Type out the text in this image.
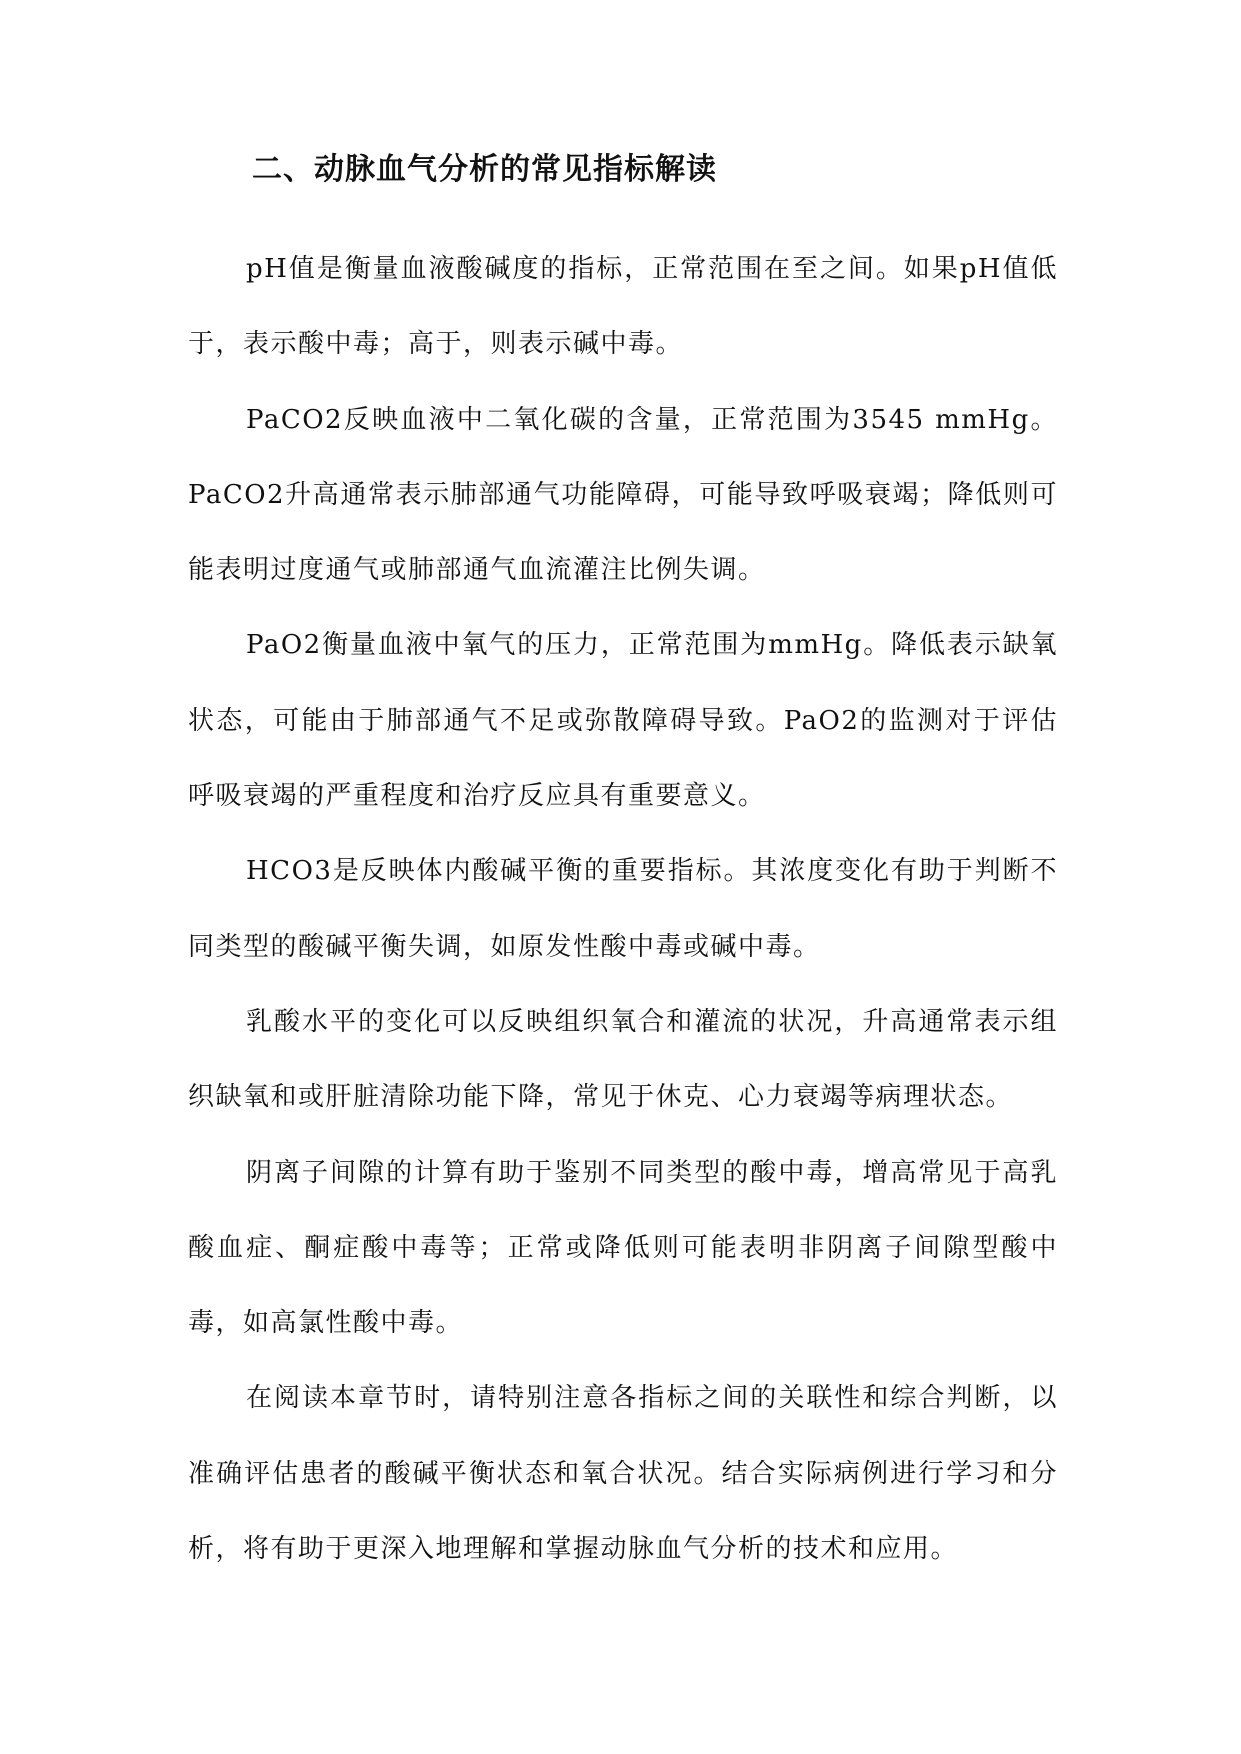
二、动脉血气分析的常见指标解读

pH值是衡量血液酸碱度的指标，正常范围在至之间。如果pH值低于，表示酸中毒；高于，则表示碱中毒。

PaCO2反映血液中二氧化碳的含量，正常范围为3545 mmHg。PaCO2升高通常表示肺部通气功能障碍，可能导致呼吸衰竭；降低则可能表明过度通气或肺部通气血流灌注比例失调。

PaO2衡量血液中氧气的压力，正常范围为mmHg。降低表示缺氧状态，可能由于肺部通气不足或弥散障碍导致。PaO2的监测对于评估呼吸衰竭的严重程度和治疗反应具有重要意义。

HCO3是反映体内酸碱平衡的重要指标。其浓度变化有助于判断不同类型的酸碱平衡失调，如原发性酸中毒或碱中毒。

乳酸水平的变化可以反映组织氧合和灌流的状况，升高通常表示组织缺氧和或肝脏清除功能下降，常见于休克、心力衰竭等病理状态。

阴离子间隙的计算有助于鉴别不同类型的酸中毒，增高常见于高乳酸血症、酮症酸中毒等；正常或降低则可能表明非阴离子间隙型酸中毒，如高氯性酸中毒。

在阅读本章节时，请特别注意各指标之间的关联性和综合判断，以准确评估患者的酸碱平衡状态和氧合状况。结合实际病例进行学习和分析，将有助于更深入地理解和掌握动脉血气分析的技术和应用。
